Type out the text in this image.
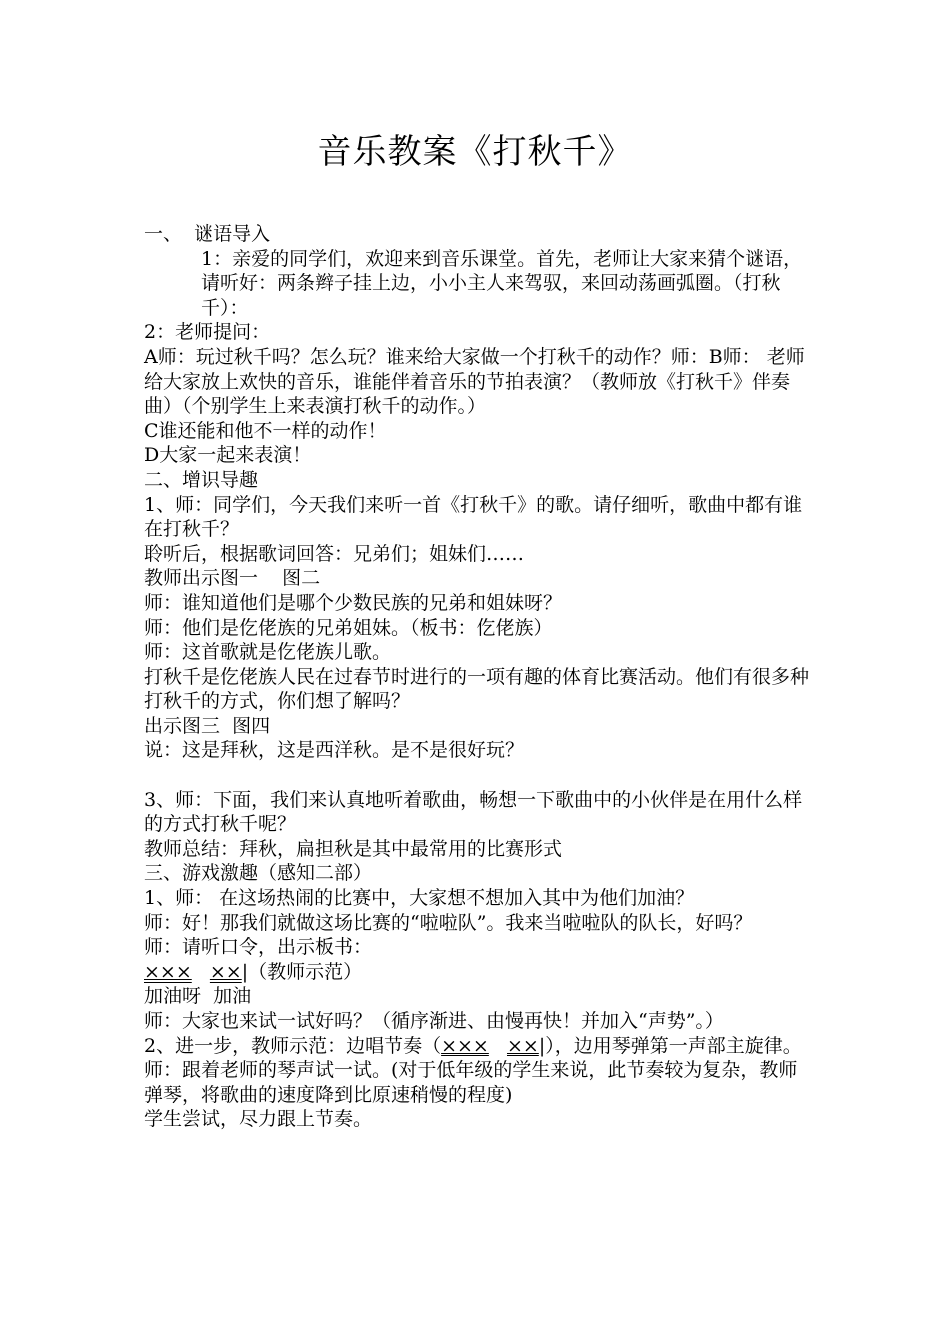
音乐教案《打秋千》

一、  谜语导入

1：亲爱的同学们，欢迎来到音乐课堂。首先，老师让大家来猜个谜语，请听好：两条辫子挂上边，小小主人来驾驭，来回动荡画弧圈。（打秋千）：

2：老师提问：

A师：玩过秋千吗？怎么玩？谁来给大家做一个打秋千的动作？师：B师： 老师给大家放上欢快的音乐，谁能伴着音乐的节拍表演？（教师放《打秋千》伴奏曲）（个别学生上来表演打秋千的动作。）

C谁还能和他不一样的动作！

D大家一起来表演！

二、增识导趣

1、师：同学们，今天我们来听一首《打秋千》的歌。请仔细听，歌曲中都有谁在打秋千？

聆听后，根据歌词回答：兄弟们；姐妹们……

教师出示图一    图二

师：谁知道他们是哪个少数民族的兄弟和姐妹呀？

师：他们是仡佬族的兄弟姐妹。（板书：仡佬族）

师：这首歌就是仡佬族儿歌。

打秋千是仡佬族人民在过春节时进行的一项有趣的体育比赛活动。他们有很多种打秋千的方式，你们想了解吗？

出示图三  图四

说：这是拜秋，这是西洋秋。是不是很好玩？

3、师：下面，我们来认真地听着歌曲，畅想一下歌曲中的小伙伴是在用什么样的方式打秋千呢？

教师总结：拜秋，扁担秋是其中最常用的比赛形式

三、游戏激趣（感知二部）

1、师： 在这场热闹的比赛中，大家想不想加入其中为他们加油？

师：好！那我们就做这场比赛的“啦啦队”。我来当啦啦队的队长，好吗？

师：请听口令，出示板书：

××× ××|（教师示范）

加油呀  加油

师：大家也来试一试好吗？（循序渐进、由慢再快！并加入“声势”。）

2、进一步，教师示范：边唱节奏（××× ××|），边用琴弹第一声部主旋律。

师：跟着老师的琴声试一试。(对于低年级的学生来说，此节奏较为复杂，教师弹琴，将歌曲的速度降到比原速稍慢的程度)

学生尝试，尽力跟上节奏。
